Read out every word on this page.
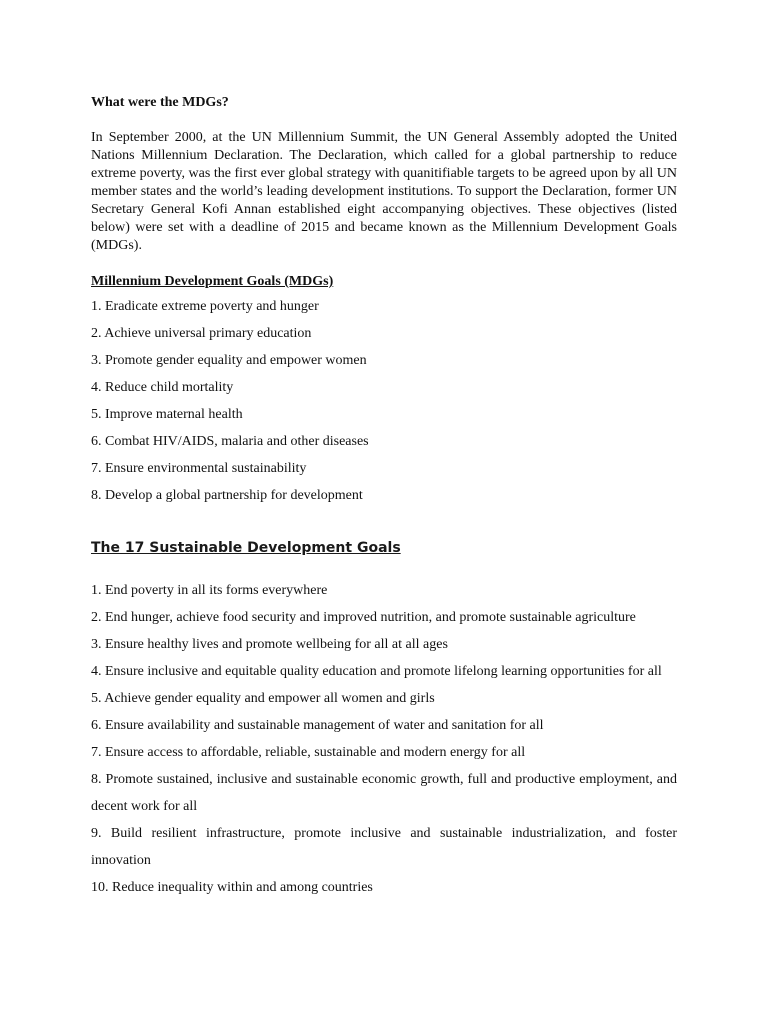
What were the MDGs?

In September 2000, at the UN Millennium Summit, the UN General Assembly adopted the United Nations Millennium Declaration. The Declaration, which called for a global partnership to reduce extreme poverty, was the first ever global strategy with quanitifiable targets to be agreed upon by all UN member states and the world’s leading development institutions. To support the Declaration, former UN Secretary General Kofi Annan established eight accompanying objectives. These objectives (listed below) were set with a deadline of 2015 and became known as the Millennium Development Goals (MDGs).

Millennium Development Goals (MDGs)
1. Eradicate extreme poverty and hunger
2. Achieve universal primary education
3. Promote gender equality and empower women
4. Reduce child mortality
5. Improve maternal health
6. Combat HIV/AIDS, malaria and other diseases
7. Ensure environmental sustainability
8. Develop a global partnership for development
The 17 Sustainable Development Goals
1. End poverty in all its forms everywhere
2. End hunger, achieve food security and improved nutrition, and promote sustainable agriculture
3. Ensure healthy lives and promote wellbeing for all at all ages
4. Ensure inclusive and equitable quality education and promote lifelong learning opportunities for all
5. Achieve gender equality and empower all women and girls
6. Ensure availability and sustainable management of water and sanitation for all
7. Ensure access to affordable, reliable, sustainable and modern energy for all
8. Promote sustained, inclusive and sustainable economic growth, full and productive employment, and decent work for all
9. Build resilient infrastructure, promote inclusive and sustainable industrialization, and foster innovation
10. Reduce inequality within and among countries
